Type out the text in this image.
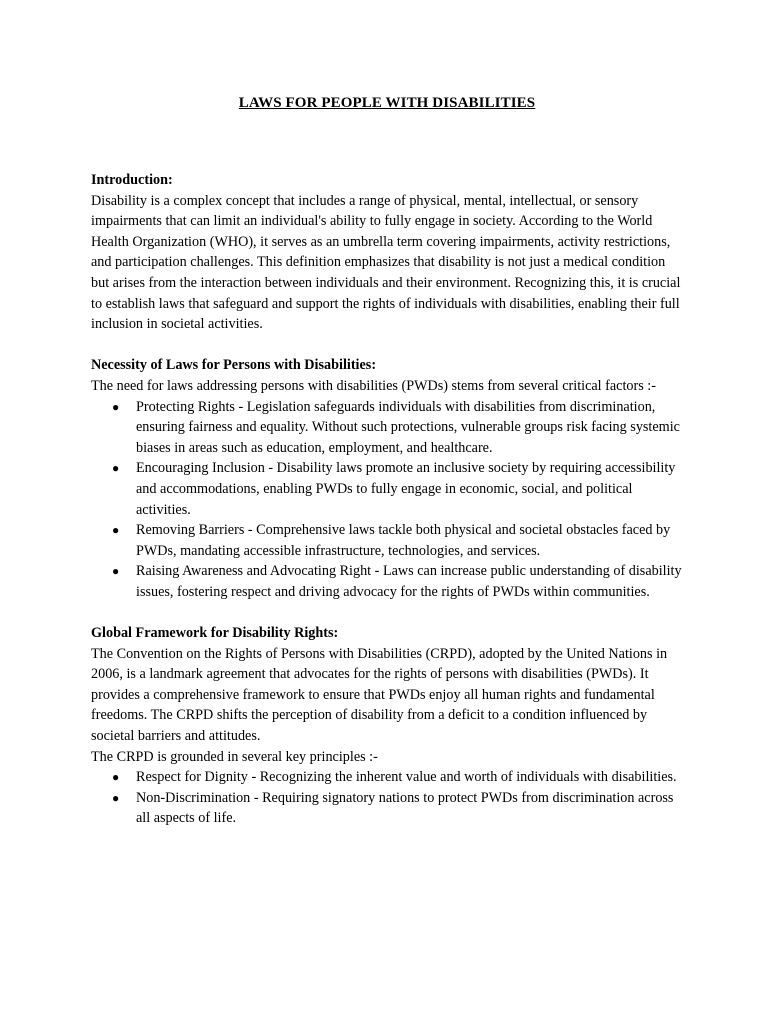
LAWS FOR PEOPLE WITH DISABILITIES

Introduction:

Disability is a complex concept that includes a range of physical, mental, intellectual, or sensory impairments that can limit an individual's ability to fully engage in society. According to the World Health Organization (WHO), it serves as an umbrella term covering impairments, activity restrictions, and participation challenges. This definition emphasizes that disability is not just a medical condition but arises from the interaction between individuals and their environment. Recognizing this, it is crucial to establish laws that safeguard and support the rights of individuals with disabilities, enabling their full inclusion in societal activities.

Necessity of Laws for Persons with Disabilities:

The need for laws addressing persons with disabilities (PWDs) stems from several critical factors :-

● Protecting Rights - Legislation safeguards individuals with disabilities from discrimination, ensuring fairness and equality. Without such protections, vulnerable groups risk facing systemic biases in areas such as education, employment, and healthcare.
● Encouraging Inclusion - Disability laws promote an inclusive society by requiring accessibility and accommodations, enabling PWDs to fully engage in economic, social, and political activities.
● Removing Barriers - Comprehensive laws tackle both physical and societal obstacles faced by PWDs, mandating accessible infrastructure, technologies, and services.
● Raising Awareness and Advocating Right - Laws can increase public understanding of disability issues, fostering respect and driving advocacy for the rights of PWDs within communities.

Global Framework for Disability Rights:

The Convention on the Rights of Persons with Disabilities (CRPD), adopted by the United Nations in 2006, is a landmark agreement that advocates for the rights of persons with disabilities (PWDs). It provides a comprehensive framework to ensure that PWDs enjoy all human rights and fundamental freedoms. The CRPD shifts the perception of disability from a deficit to a condition influenced by societal barriers and attitudes.

The CRPD is grounded in several key principles :-

● Respect for Dignity - Recognizing the inherent value and worth of individuals with disabilities.
● Non-Discrimination - Requiring signatory nations to protect PWDs from discrimination across all aspects of life.
